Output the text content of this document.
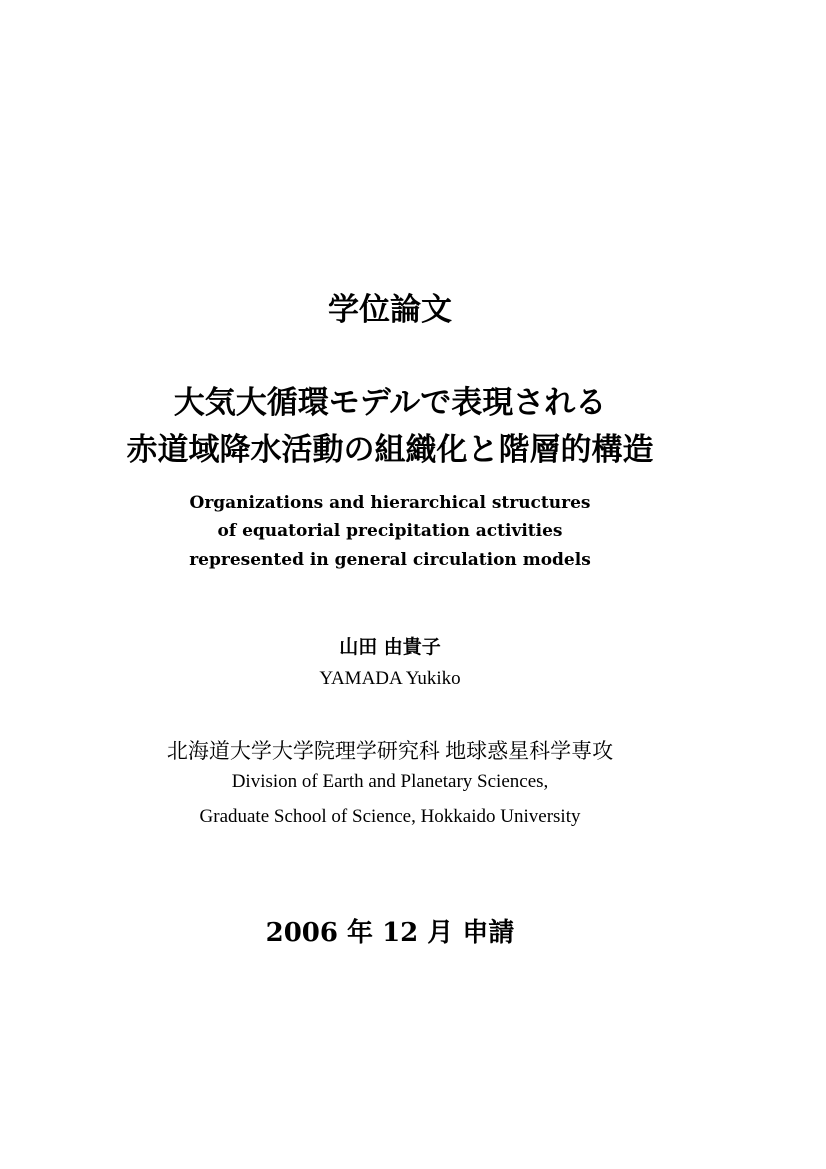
学位論文
大気大循環モデルで表現される
赤道域降水活動の組織化と階層的構造
Organizations and hierarchical structures
of equatorial precipitation activities
represented in general circulation models
山田 由貴子
YAMADA Yukiko
北海道大学大学院理学研究科 地球惑星科学専攻
Division of Earth and Planetary Sciences,
Graduate School of Science, Hokkaido University
2006 年 12 月 申請
